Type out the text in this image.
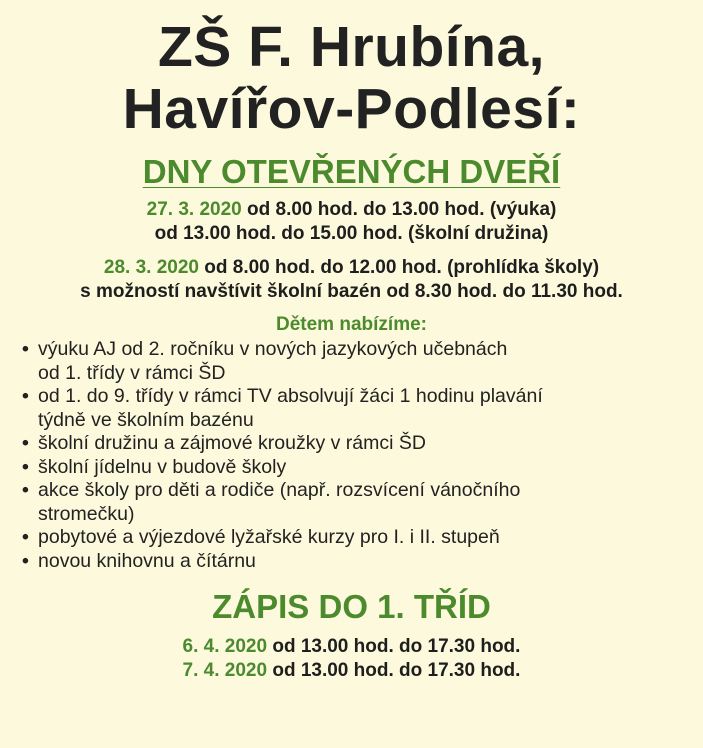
ZŠ F. Hrubína,
Havířov-Podlesí:
DNY OTEVŘENÝCH DVEŘÍ

27. 3. 2020 od 8.00 hod. do 13.00 hod. (výuka)

od 13.00 hod. do 15.00 hod. (školní družina)

28. 3. 2020 od 8.00 hod. do 12.00 hod. (prohlídka školy)

s možností navštívit školní bazén od 8.30 hod. do 11.30 hod.

Dětem nabízíme:

• výuku AJ od 2. ročníku v nových jazykových učebnách
od 1. třídy v rámci ŠD
• od 1. do 9. třídy v rámci TV absolvují žáci 1 hodinu plavání
týdně ve školním bazénu
• školní družinu a zájmové kroužky v rámci ŠD
• školní jídelnu v budově školy
• akce školy pro děti a rodiče (např. rozsvícení vánočního
stromečku)
• pobytové a výjezdové lyžařské kurzy pro I. i II. stupeň
• novou knihovnu a čítárnu
ZÁPIS DO 1. TŘÍD

6. 4. 2020 od 13.00 hod. do 17.30 hod.

7. 4. 2020 od 13.00 hod. do 17.30 hod.
